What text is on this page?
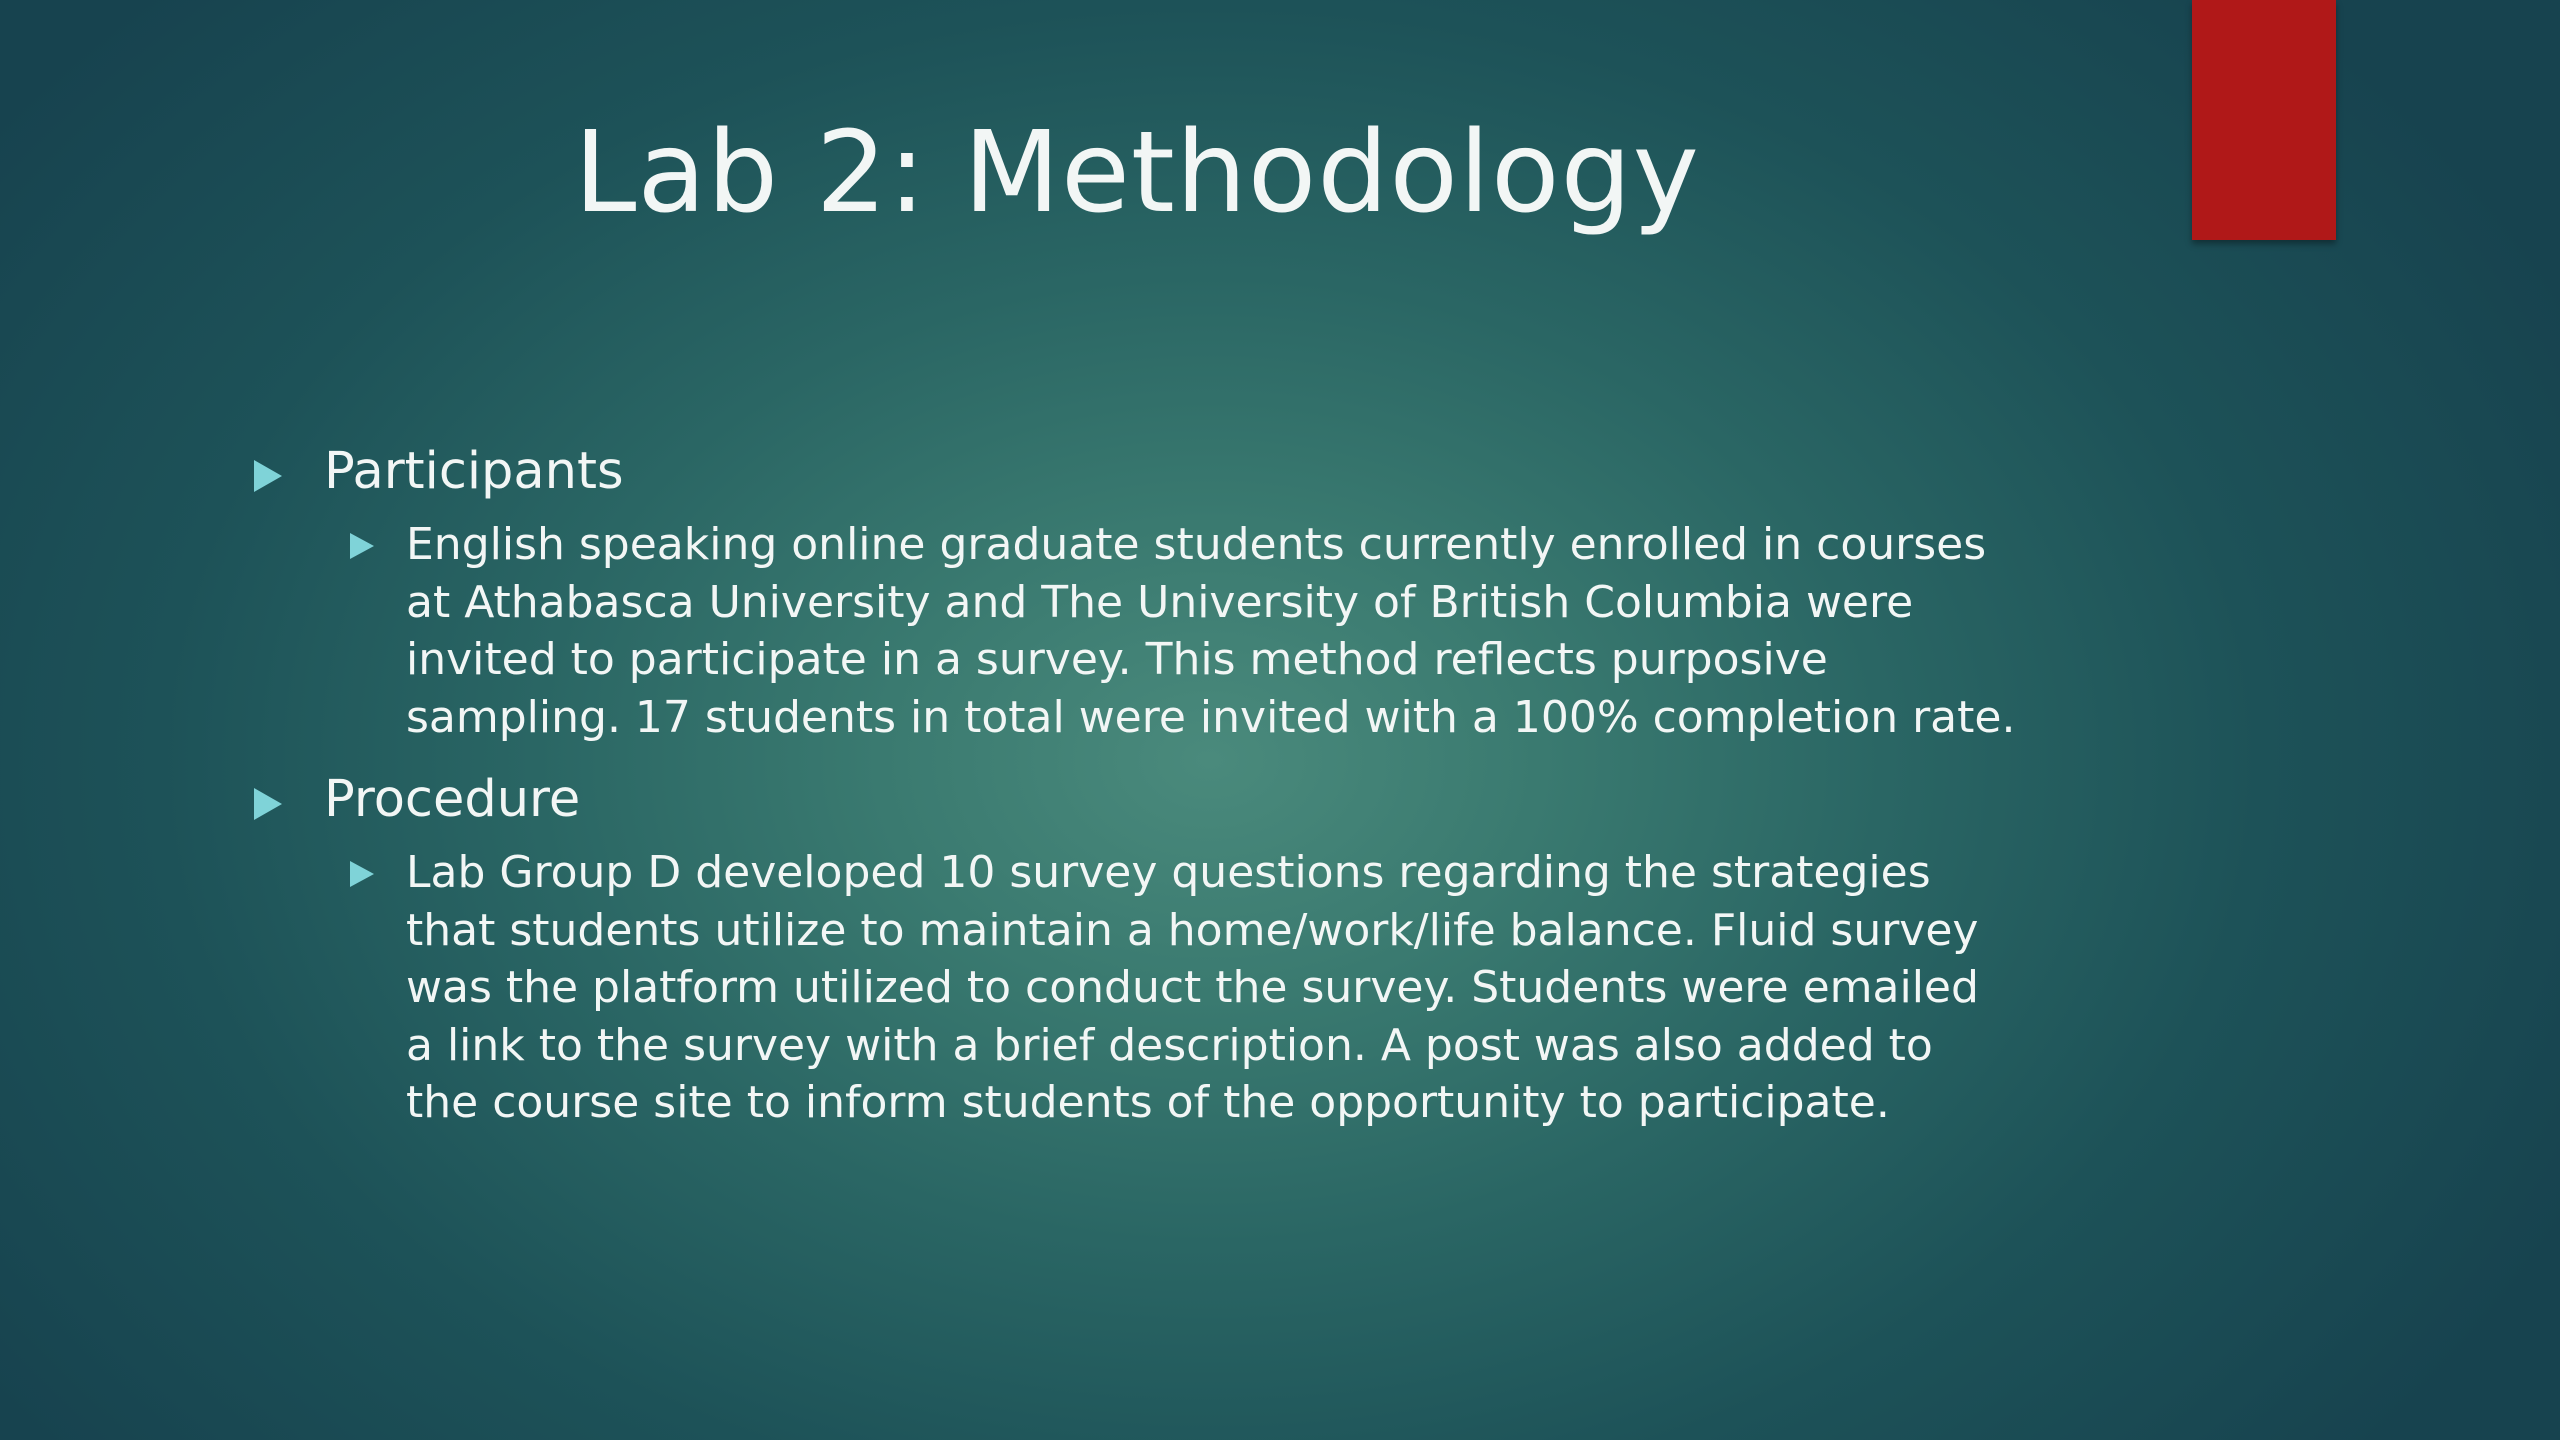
Lab 2: Methodology
Participants
English speaking online graduate students currently enrolled in courses
at Athabasca University and The University of British Columbia were
invited to participate in a survey. This method reflects purposive
sampling. 17 students in total were invited with a 100% completion rate.
Procedure
Lab Group D developed 10 survey questions regarding the strategies
that students utilize to maintain a home/work/life balance. Fluid survey
was the platform utilized to conduct the survey. Students were emailed
a link to the survey with a brief description. A post was also added to
the course site to inform students of the opportunity to participate.
